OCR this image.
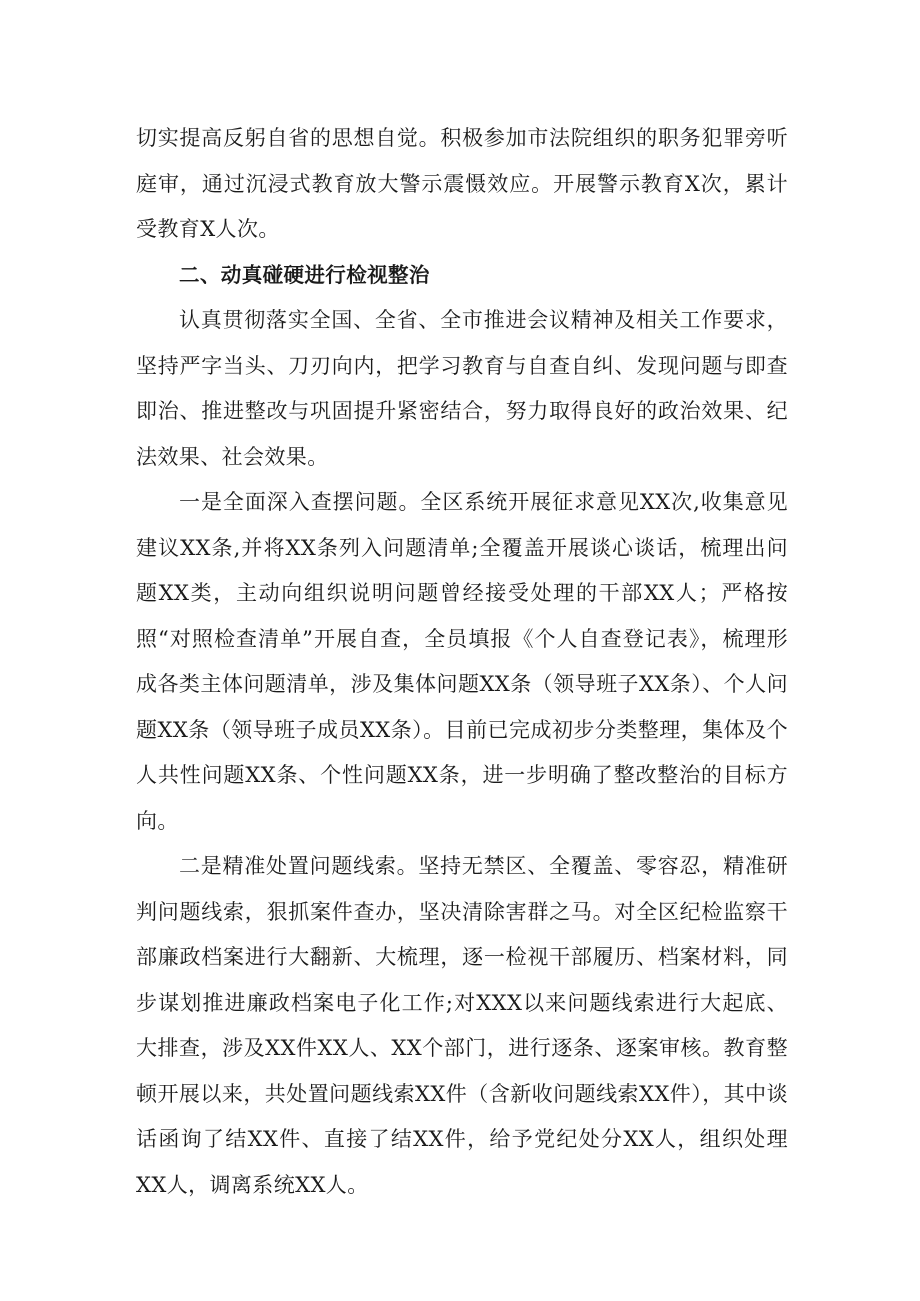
切实提高反躬自省的思想自觉。积极参加市法院组织的职务犯罪旁听庭审，通过沉浸式教育放大警示震慑效应。开展警示教育X次，累计受教育X人次。

二、动真碰硬进行检视整治

认真贯彻落实全国、全省、全市推进会议精神及相关工作要求，坚持严字当头、刀刃向内，把学习教育与自查自纠、发现问题与即查即治、推进整改与巩固提升紧密结合，努力取得良好的政治效果、纪法效果、社会效果。

一是全面深入查摆问题。全区系统开展征求意见XX次,收集意见建议XX条,并将XX条列入问题清单;全覆盖开展谈心谈话，梳理出问题XX类，主动向组织说明问题曾经接受处理的干部XX人；严格按照“对照检查清单”开展自查，全员填报《个人自查登记表》，梳理形成各类主体问题清单，涉及集体问题XX条（领导班子XX条）、个人问题XX条（领导班子成员XX条）。目前已完成初步分类整理，集体及个人共性问题XX条、个性问题XX条，进一步明确了整改整治的目标方向。

二是精准处置问题线索。坚持无禁区、全覆盖、零容忍，精准研判问题线索，狠抓案件查办，坚决清除害群之马。对全区纪检监察干部廉政档案进行大翻新、大梳理，逐一检视干部履历、档案材料，同步谋划推进廉政档案电子化工作;对XXX以来问题线索进行大起底、大排查，涉及XX件XX人、XX个部门，进行逐条、逐案审核。教育整顿开展以来，共处置问题线索XX件（含新收问题线索XX件），其中谈话函询了结XX件、直接了结XX件，给予党纪处分XX人，组织处理XX人，调离系统XX人。
